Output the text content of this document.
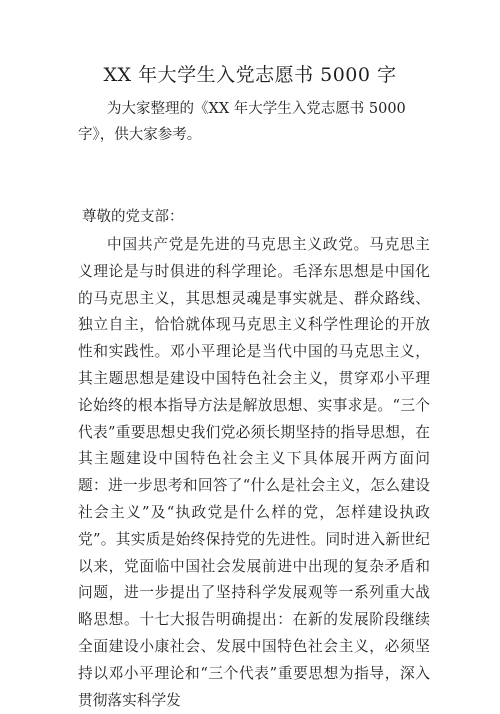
XX 年大学生入党志愿书 5000 字

为大家整理的《XX 年大学生入党志愿书 5000 字》，供大家参考。

尊敬的党支部：

中国共产党是先进的马克思主义政党。马克思主义理论是与时俱进的科学理论。毛泽东思想是中国化的马克思主义，其思想灵魂是事实就是、群众路线、独立自主，恰恰就体现马克思主义科学性理论的开放性和实践性。邓小平理论是当代中国的马克思主义，其主题思想是建设中国特色社会主义，贯穿邓小平理论始终的根本指导方法是解放思想、实事求是。“三个代表”重要思想史我们党必须长期坚持的指导思想，在其主题建设中国特色社会主义下具体展开两方面问题：进一步思考和回答了“什么是社会主义，怎么建设社会主义”及“执政党是什么样的党，怎样建设执政党”。其实质是始终保持党的先进性。同时进入新世纪以来，党面临中国社会发展前进中出现的复杂矛盾和问题，进一步提出了坚持科学发展观等一系列重大战略思想。十七大报告明确提出：在新的发展阶段继续全面建设小康社会、发展中国特色社会主义，必须坚持以邓小平理论和“三个代表”重要思想为指导，深入贯彻落实科学发
